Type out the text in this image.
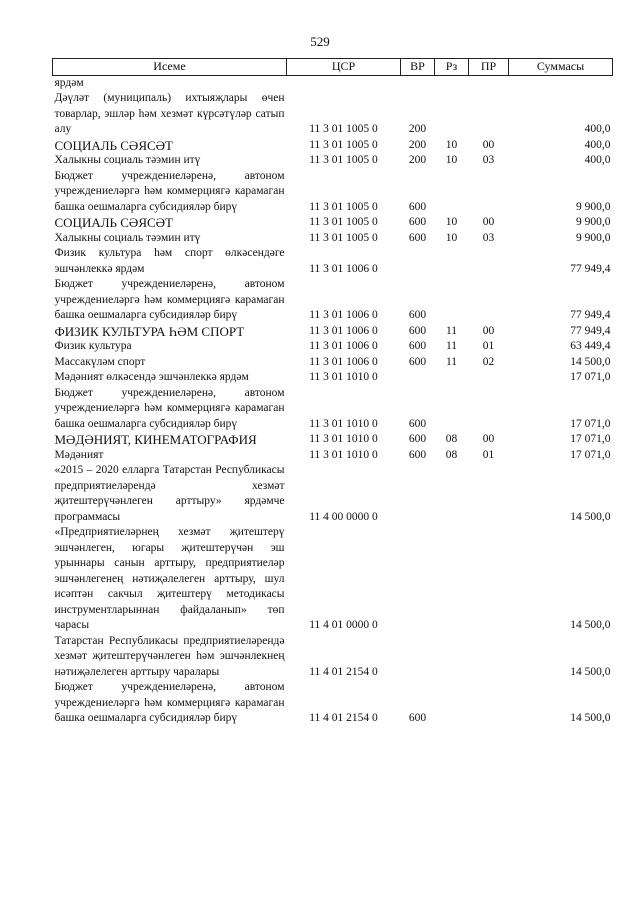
529
Исеме	ЦСР	ВР	Рз	ПР	Суммасы
ярдәм					
Дәүләт (муниципаль) ихтыяҗлары өчен товарлар, эшләр һәм хезмәт күрсәтүләр сатып алу	11 3 01 1005 0	200			400,0
СОЦИАЛЬ СӘЯСӘТ	11 3 01 1005 0	200	10	00	400,0
Халыкны социаль тәэмин итү	11 3 01 1005 0	200	10	03	400,0
Бюджет учреждениеләренә, автоном учреждениеләргә һәм коммерциягә карамаган башка оешмаларга субсидияләр бирү	11 3 01 1005 0	600			9 900,0
СОЦИАЛЬ СӘЯСӘТ	11 3 01 1005 0	600	10	00	9 900,0
Халыкны социаль тәэмин итү	11 3 01 1005 0	600	10	03	9 900,0
Физик культура һәм спорт өлкәсендәге эшчәнлеккә ярдәм	11 3 01 1006 0				77 949,4
Бюджет учреждениеләренә, автоном учреждениеләргә һәм коммерциягә карамаган башка оешмаларга субсидияләр бирү	11 3 01 1006 0	600			77 949,4
ФИЗИК КУЛЬТУРА ҺӘМ СПОРТ	11 3 01 1006 0	600	11	00	77 949,4
Физик культура	11 3 01 1006 0	600	11	01	63 449,4
Массакүләм спорт	11 3 01 1006 0	600	11	02	14 500,0
Мәдәният өлкәсендә эшчәнлеккә ярдәм	11 3 01 1010 0				17 071,0
Бюджет учреждениеләренә, автоном учреждениеләргә һәм коммерциягә карамаган башка оешмаларга субсидияләр бирү	11 3 01 1010 0	600			17 071,0
МӘДӘНИЯТ, КИНЕМАТОГРАФИЯ	11 3 01 1010 0	600	08	00	17 071,0
Мәдәният	11 3 01 1010 0	600	08	01	17 071,0
«2015 – 2020 елларга Татарстан Республикасы предприятиеләрендә хезмәт җитештерүчәнлеген арттыру» ярдәмче программасы	11 4 00 0000 0				14 500,0
«Предприятиеләрнең хезмәт җитештерү эшчәнлеген, югары җитештерүчән эш урыннары санын арттыру, предприятиеләр эшчәнлегенең нәтиҗәлелеген арттыру, шул исәптән сакчыл җитештерү методикасы инструментларыннан файдаланып» төп чарасы	11 4 01 0000 0				14 500,0
Татарстан Республикасы предприятиеләрендә хезмәт җитештерүчәнлеген һәм эшчәнлекнең нәтиҗәлелеген арттыру чаралары	11 4 01 2154 0				14 500,0
Бюджет учреждениеләренә, автоном учреждениеләргә һәм коммерциягә карамаган башка оешмаларга субсидияләр бирү	11 4 01 2154 0	600			14 500,0
